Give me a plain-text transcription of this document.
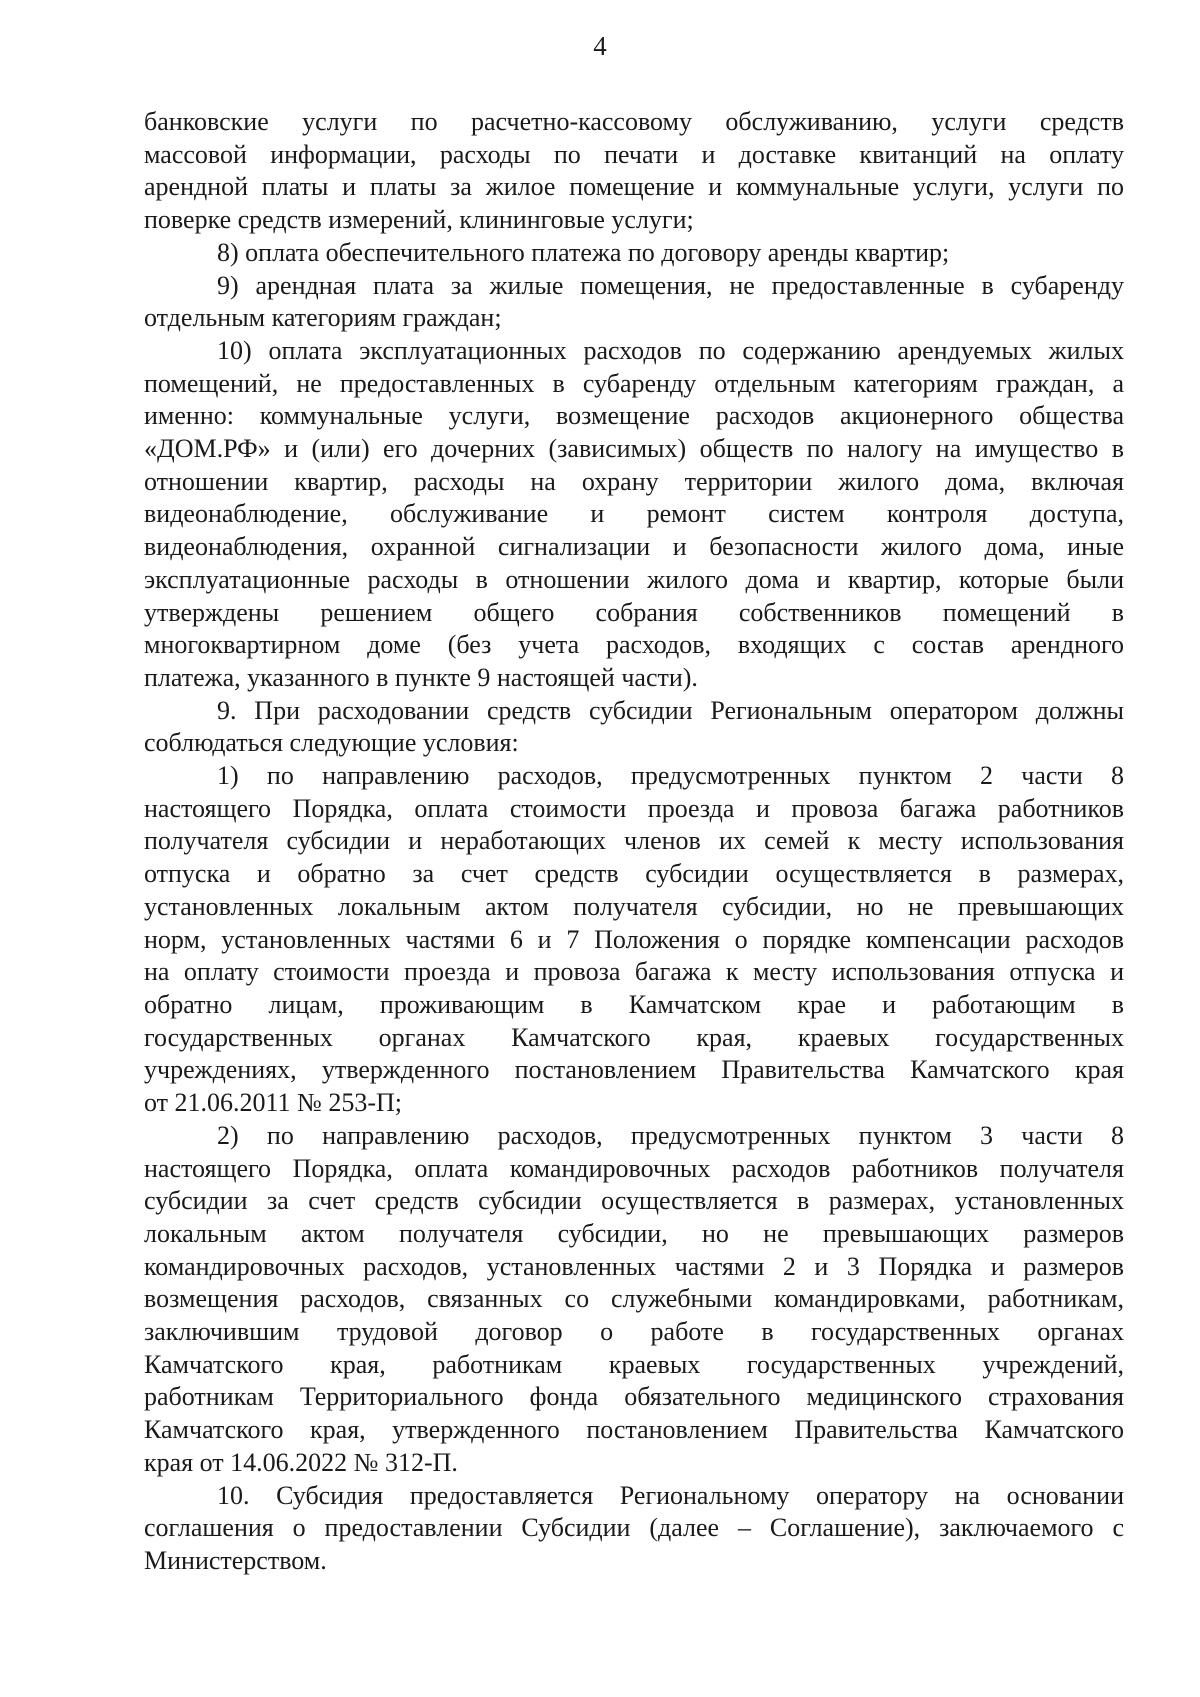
4
банковские услуги по расчетно-кассовому обслуживанию, услуги средств
массовой информации, расходы по печати и доставке квитанций на оплату
арендной платы и платы за жилое помещение и коммунальные услуги, услуги по
поверке средств измерений, клининговые услуги;
8) оплата обеспечительного платежа по договору аренды квартир;
9) арендная плата за жилые помещения, не предоставленные в субаренду
отдельным категориям граждан;
10) оплата эксплуатационных расходов по содержанию арендуемых жилых
помещений, не предоставленных в субаренду отдельным категориям граждан, а
именно: коммунальные услуги, возмещение расходов акционерного общества
«ДОМ.РФ» и (или) его дочерних (зависимых) обществ по налогу на имущество в
отношении квартир, расходы на охрану территории жилого дома, включая
видеонаблюдение, обслуживание и ремонт систем контроля доступа,
видеонаблюдения, охранной сигнализации и безопасности жилого дома, иные
эксплуатационные расходы в отношении жилого дома и квартир, которые были
утверждены решением общего собрания собственников помещений в
многоквартирном доме (без учета расходов, входящих с состав арендного
платежа, указанного в пункте 9 настоящей части).
9. При расходовании средств субсидии Региональным оператором должны
соблюдаться следующие условия:
1) по направлению расходов, предусмотренных пунктом 2 части 8
настоящего Порядка, оплата стоимости проезда и провоза багажа работников
получателя субсидии и неработающих членов их семей к месту использования
отпуска и обратно за счет средств субсидии осуществляется в размерах,
установленных локальным актом получателя субсидии, но не превышающих
норм, установленных частями 6 и 7 Положения о порядке компенсации расходов
на оплату стоимости проезда и провоза багажа к месту использования отпуска и
обратно лицам, проживающим в Камчатском крае и работающим в
государственных органах Камчатского края, краевых государственных
учреждениях, утвержденного постановлением Правительства Камчатского края
от 21.06.2011 № 253-П;
2) по направлению расходов, предусмотренных пунктом 3 части 8
настоящего Порядка, оплата командировочных расходов работников получателя
субсидии за счет средств субсидии осуществляется в размерах, установленных
локальным актом получателя субсидии, но не превышающих размеров
командировочных расходов, установленных частями 2 и 3 Порядка и размеров
возмещения расходов, связанных со служебными командировками, работникам,
заключившим трудовой договор о работе в государственных органах
Камчатского края, работникам краевых государственных учреждений,
работникам Территориального фонда обязательного медицинского страхования
Камчатского края, утвержденного постановлением Правительства Камчатского
края от 14.06.2022 № 312-П.
10. Субсидия предоставляется Региональному оператору на основании
соглашения о предоставлении Субсидии (далее – Соглашение), заключаемого с
Министерством.
